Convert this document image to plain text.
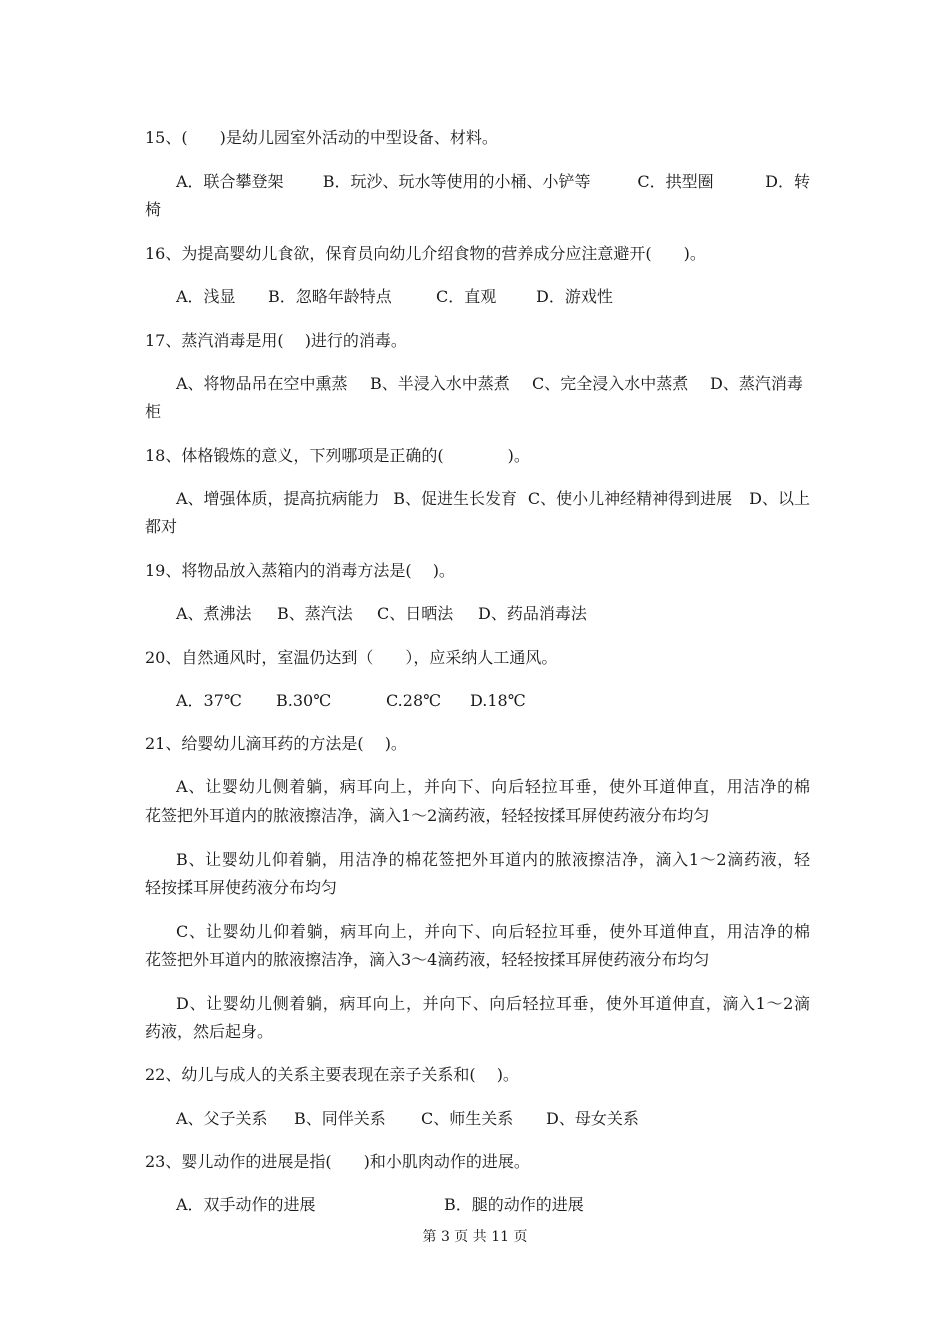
15、(　　)是幼儿园室外活动的中型设备、材料。
A．联合攀登架	B．玩沙、玩水等使用的小桶、小铲等	C．拱型圈	D．转
椅
16、为提高婴幼儿食欲，保育员向幼儿介绍食物的营养成分应注意避开(　　)。
A．浅显	B．忽略年龄特点	C．直观	D．游戏性
17、蒸汽消毒是用(　 )进行的消毒。
A、将物品吊在空中熏蒸	B、半浸入水中蒸煮	C、完全浸入水中蒸煮	D、蒸汽消毒
柜
18、体格锻炼的意义，下列哪项是正确的(　　　　)。
A、增强体质，提高抗病能力 B、促进生长发育 C、使小儿神经精神得到进展	D、以上
都对
19、将物品放入蒸箱内的消毒方法是(　 )。
A、煮沸法	B、蒸汽法	C、日晒法	D、药品消毒法
20、自然通风时，室温仍达到（　　），应采纳人工通风。
A．37℃	B.30℃	C.28℃	D.18℃
21、给婴幼儿滴耳药的方法是(　 )。
A、让婴幼儿侧着躺，病耳向上，并向下、向后轻拉耳垂，使外耳道伸直，用洁净的棉
花签把外耳道内的脓液擦洁净，滴入1～2滴药液，轻轻按揉耳屏使药液分布均匀
B、让婴幼儿仰着躺，用洁净的棉花签把外耳道内的脓液擦洁净，滴入1～2滴药液，轻
轻按揉耳屏使药液分布均匀
C、让婴幼儿仰着躺，病耳向上，并向下、向后轻拉耳垂，使外耳道伸直，用洁净的棉
花签把外耳道内的脓液擦洁净，滴入3～4滴药液，轻轻按揉耳屏使药液分布均匀
D、让婴幼儿侧着躺，病耳向上，并向下、向后轻拉耳垂，使外耳道伸直，滴入1～2滴
药液，然后起身。
22、幼儿与成人的关系主要表现在亲子关系和(　 )。
A、父子关系	B、同伴关系	C、师生关系	D、母女关系
23、婴儿动作的进展是指(　　)和小肌肉动作的进展。
A．双手动作的进展	B．腿的动作的进展
第 3 页 共 11 页
